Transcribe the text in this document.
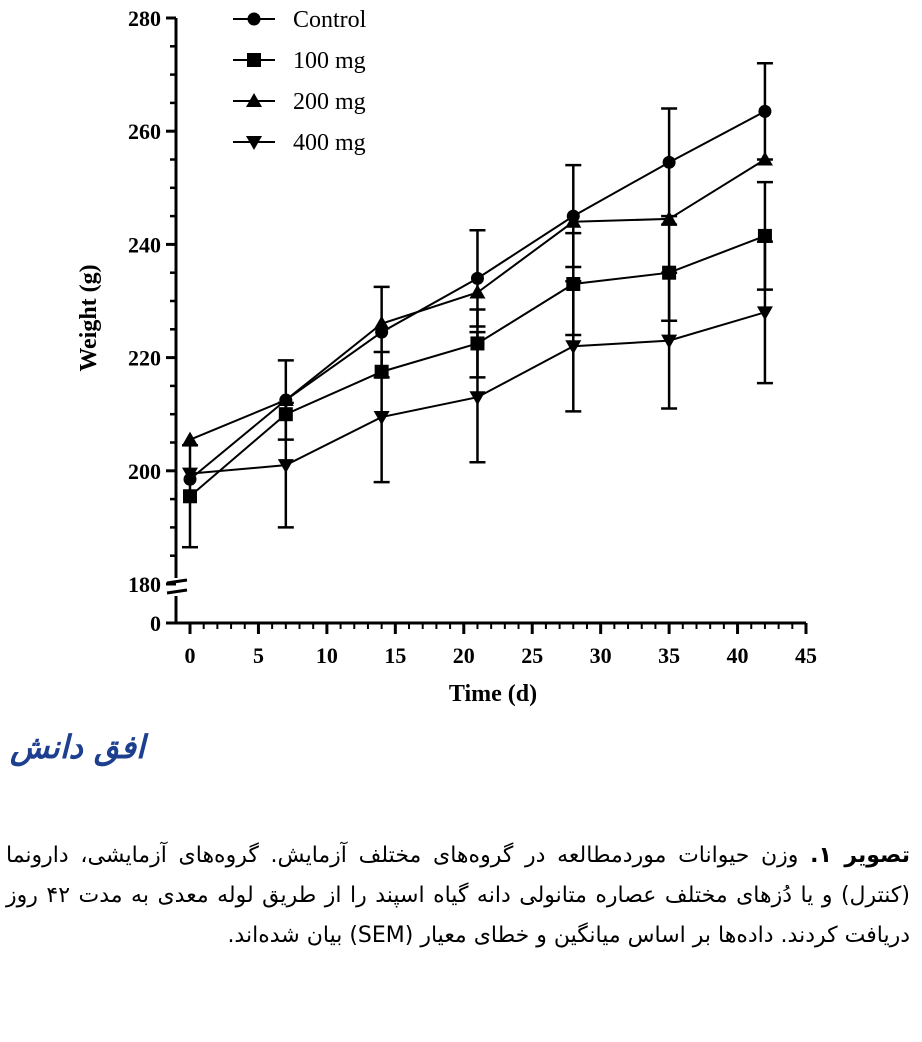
0
180
200
220
240
260
280
0	5 10 15 20 25 30 35 40 45
Weight (g)
Time (d)
Control
100 mg
200 mg
400 mg
افق دانش
تصویر ۱. وزن حیوانات موردمطالعه در گروه‌های مختلف آزمایش. گروه‌های آزمایشی، دارونما (کنترل) و یا دُزهای مختلف عصاره متانولی دانه گیاه اسپند را از طریق لوله معدی به مدت ۴۲ روز دریافت کردند. داده‌ها بر اساس میانگین و خطای معیار (SEM) بیان شده‌اند.
